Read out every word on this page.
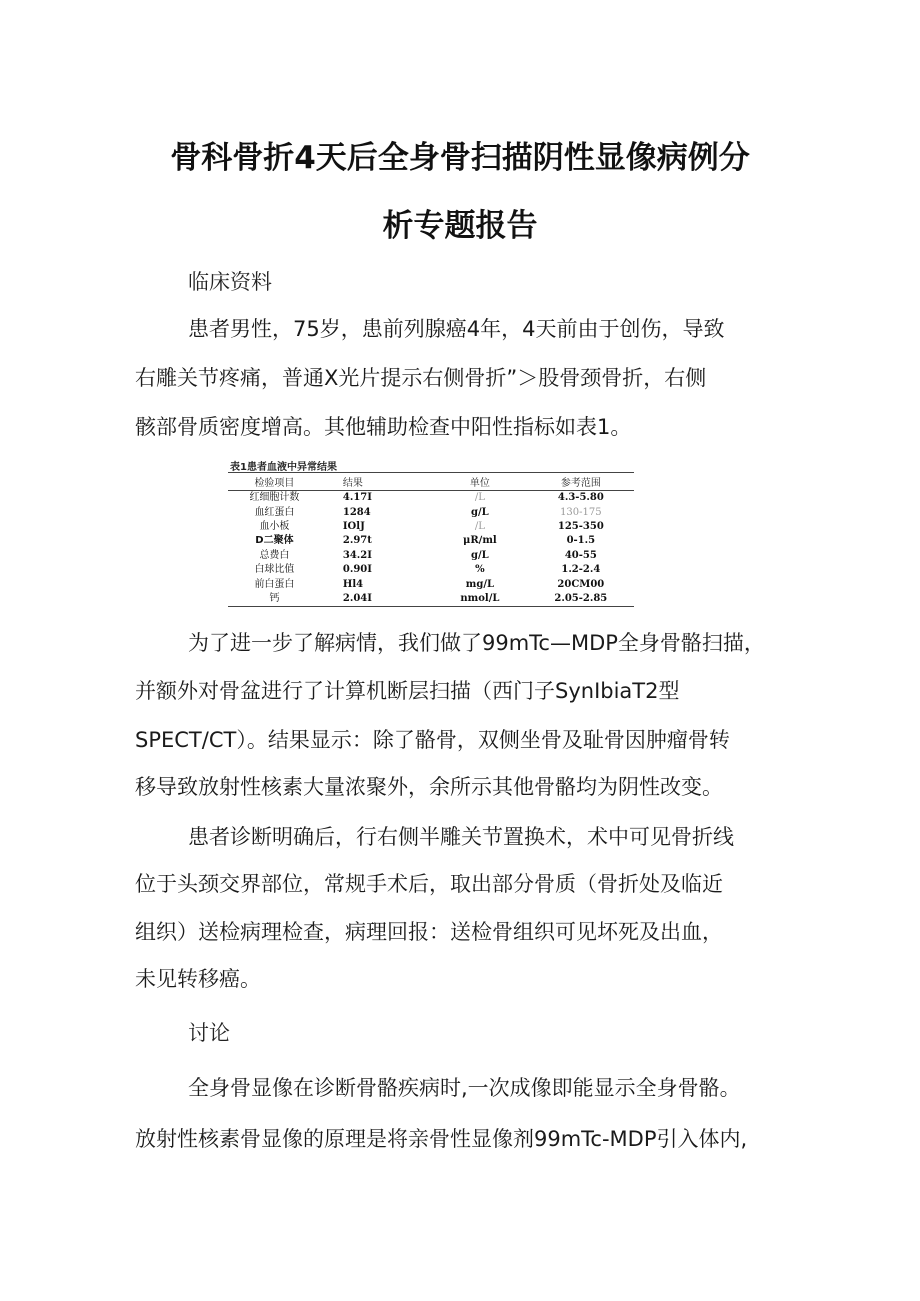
骨科骨折4天后全身骨扫描阴性显像病例分
析专题报告
临床资料
患者男性，75岁，患前列腺癌4年，4天前由于创伤，导致
右雕关节疼痛，普通X光片提示右侧骨折”＞股骨颈骨折，右侧
骸部骨质密度增高。其他辅助检查中阳性指标如表1。
表1患者血液中异常结果
检验项目	结果	单位	参考范围
红细胞计数	4.17I	/L	4.3-5.80
血红蛋白	1284	g/L	130-175
血小板	IOlJ	/L	125-350
D二聚体	2.97t	μR∕ml	0-1.5
总费白	34.2I	g/L	40-55
白球比值	0.90I	%	1.2-2.4
前白蛋白	Hl4	mg/L	20CM00
钙	2.04I	nmol/L	2.05-2.85
为了进一步了解病情，我们做了99mTc—MDP全身骨骼扫描，
并额外对骨盆进行了计算机断层扫描（西门子SynIbiaT2型
SPECT/CT）。结果显示：除了骼骨，双侧坐骨及耻骨因肿瘤骨转
移导致放射性核素大量浓聚外，余所示其他骨骼均为阴性改变。
患者诊断明确后，行右侧半雕关节置换术，术中可见骨折线
位于头颈交界部位，常规手术后，取出部分骨质（骨折处及临近
组织）送检病理检查，病理回报：送检骨组织可见坏死及出血，
未见转移癌。
讨论
全身骨显像在诊断骨骼疾病时,一次成像即能显示全身骨骼。
放射性核素骨显像的原理是将亲骨性显像剂99mTc-MDP引入体内,
